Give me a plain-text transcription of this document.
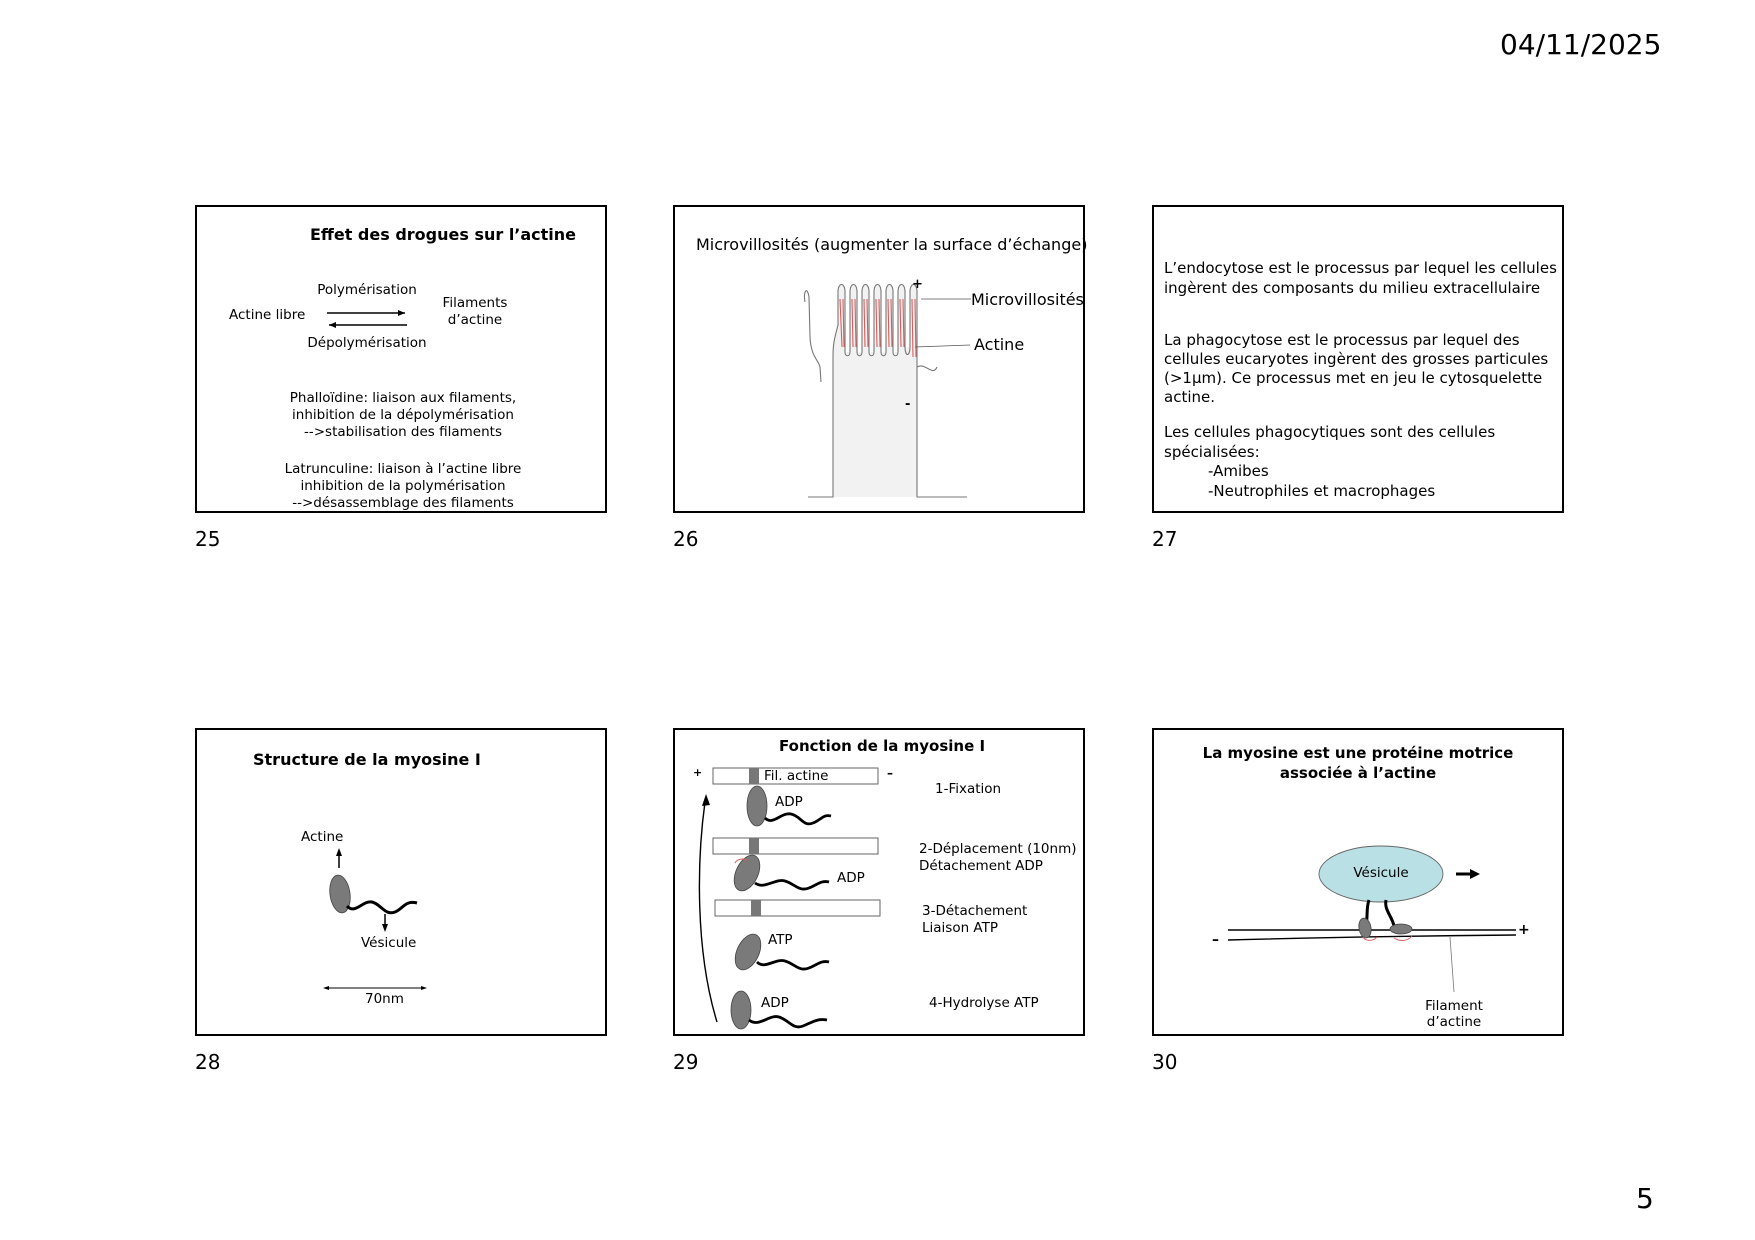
04/11/2025
Effet des drogues sur l’actine
Polymérisation
Actine libre
Filaments
d’actine
Dépolymérisation
Phalloïdine: liaison aux filaments,
inhibition de la dépolymérisation
-->stabilisation des filaments
Latrunculine: liaison à l’actine libre
inhibition de la polymérisation
-->désassemblage des filaments
25
Microvillosités (augmenter la surface d’échange)
+
-
Microvillosités
Actine
26
L’endocytose est le processus par lequel les cellules
ingèrent des composants du milieu extracellulaire
La phagocytose est le processus par lequel des
cellules eucaryotes ingèrent des grosses particules
(>1µm). Ce processus met en jeu le cytosquelette
actine.
Les cellules phagocytiques sont des cellules
spécialisées:
-Amibes
-Neutrophiles et macrophages
27
Structure de la myosine I
Actine
Vésicule
70nm
28
Fonction de la myosine I
+	–
Fil. actine
ADP
ADP
ATP
ADP
1-Fixation
2-Déplacement (10nm)
Détachement ADP
3-Détachement
Liaison ATP
4-Hydrolyse ATP
29
La myosine est une protéine motrice
associée à l’actine
Vésicule
–
+
Filament
d’actine
30
5
